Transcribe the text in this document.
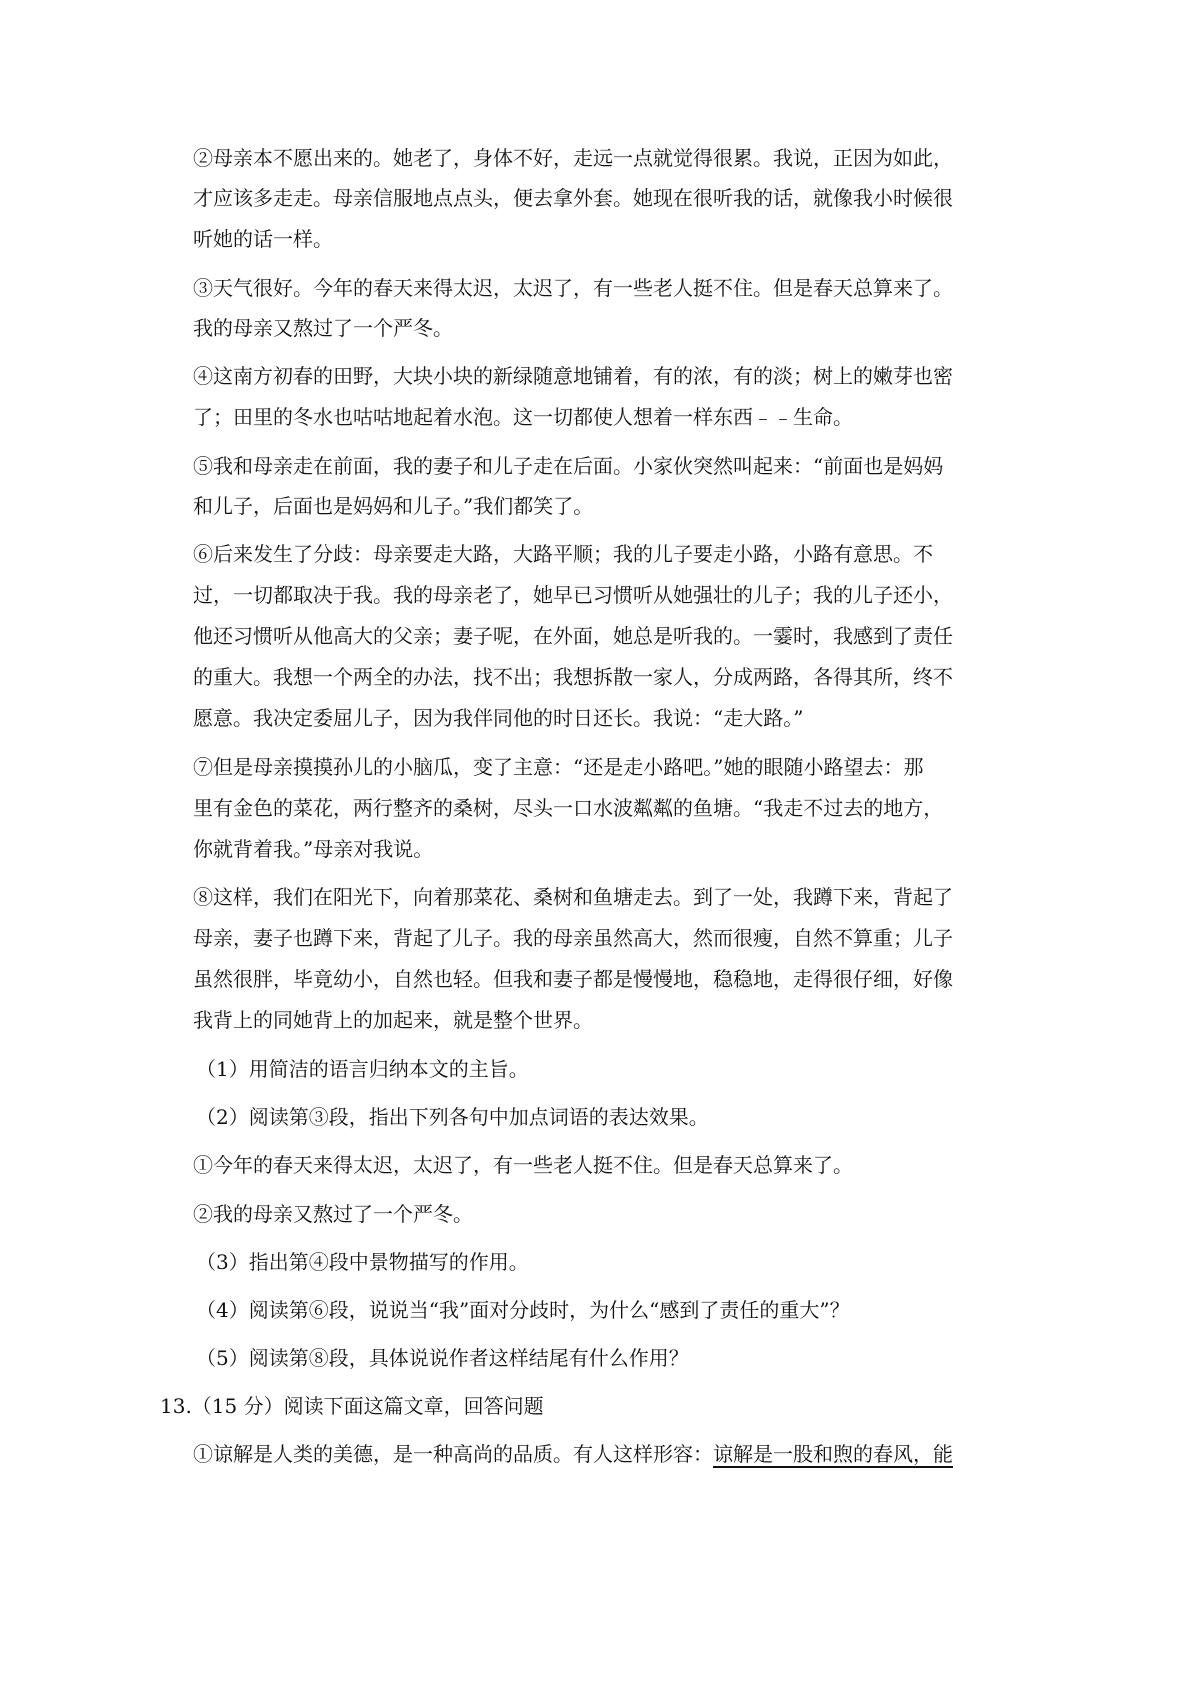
②母亲本不愿出来的。她老了，身体不好，走远一点就觉得很累。我说，正因为如此，
才应该多走走。母亲信服地点点头，便去拿外套。她现在很听我的话，就像我小时候很
听她的话一样。
③天气很好。今年的春天来得太迟，太迟了，有一些老人挺不住。但是春天总算来了。
我的母亲又熬过了一个严冬。
④这南方初春的田野，大块小块的新绿随意地铺着，有的浓，有的淡；树上的嫩芽也密
了；田里的冬水也咕咕地起着水泡。这一切都使人想着一样东西﹣﹣生命。
⑤我和母亲走在前面，我的妻子和儿子走在后面。小家伙突然叫起来：“前面也是妈妈
和儿子，后面也是妈妈和儿子。”我们都笑了。
⑥后来发生了分歧：母亲要走大路，大路平顺；我的儿子要走小路，小路有意思。不
过，一切都取决于我。我的母亲老了，她早已习惯听从她强壮的儿子；我的儿子还小，
他还习惯听从他高大的父亲；妻子呢，在外面，她总是听我的。一霎时，我感到了责任
的重大。我想一个两全的办法，找不出；我想拆散一家人，分成两路，各得其所，终不
愿意。我决定委屈儿子，因为我伴同他的时日还长。我说：“走大路。”
⑦但是母亲摸摸孙儿的小脑瓜，变了主意：“还是走小路吧。”她的眼随小路望去：那
里有金色的菜花，两行整齐的桑树，尽头一口水波粼粼的鱼塘。“我走不过去的地方，
你就背着我。”母亲对我说。
⑧这样，我们在阳光下，向着那菜花、桑树和鱼塘走去。到了一处，我蹲下来，背起了
母亲，妻子也蹲下来，背起了儿子。我的母亲虽然高大，然而很瘦，自然不算重；儿子
虽然很胖，毕竟幼小，自然也轻。但我和妻子都是慢慢地，稳稳地，走得很仔细，好像
我背上的同她背上的加起来，就是整个世界。
（1）用简洁的语言归纳本文的主旨。
（2）阅读第③段，指出下列各句中加点词语的表达效果。
①今年的春天来得太迟，太迟了，有一些老人挺不住。但是春天总算来了。
②我的母亲又熬过了一个严冬。
（3）指出第④段中景物描写的作用。
（4）阅读第⑥段，说说当“我”面对分歧时，为什么“感到了责任的重大”？
（5）阅读第⑧段，具体说说作者这样结尾有什么作用？
13.（15 分）阅读下面这篇文章，回答问题
①谅解是人类的美德，是一种高尚的品质。有人这样形容：谅解是一股和煦的春风，能
